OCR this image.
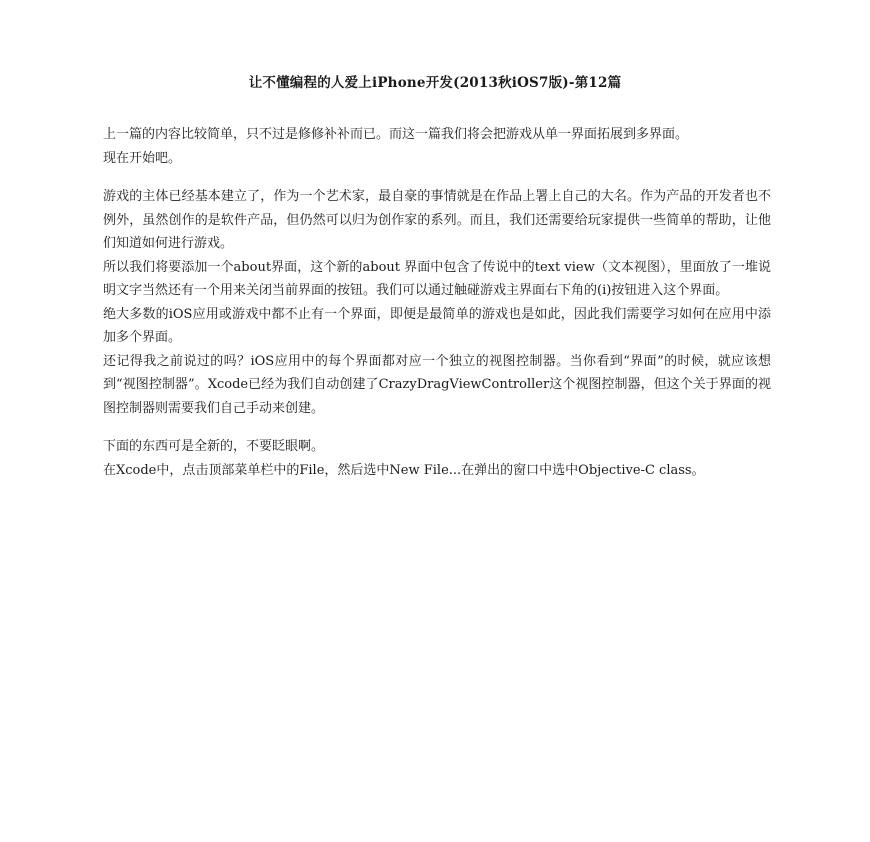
让不懂编程的人爱上iPhone开发(2013秋iOS7版)-第12篇

上一篇的内容比较简单，只不过是修修补补而已。而这一篇我们将会把游戏从单一界面拓展到多界面。

现在开始吧。

游戏的主体已经基本建立了，作为一个艺术家，最自豪的事情就是在作品上署上自己的大名。作为产品的开发者也不例外，虽然创作的是软件产品，但仍然可以归为创作家的系列。而且，我们还需要给玩家提供一些简单的帮助，让他们知道如何进行游戏。

所以我们将要添加一个about界面，这个新的about 界面中包含了传说中的text view（文本视图），里面放了一堆说明文字当然还有一个用来关闭当前界面的按钮。我们可以通过触碰游戏主界面右下角的(i)按钮进入这个界面。

绝大多数的iOS应用或游戏中都不止有一个界面，即便是最简单的游戏也是如此，因此我们需要学习如何在应用中添加多个界面。

还记得我之前说过的吗？iOS应用中的每个界面都对应一个独立的视图控制器。当你看到“界面”的时候，就应该想到“视图控制器”。Xcode已经为我们自动创建了CrazyDragViewController这个视图控制器，但这个关于界面的视图控制器则需要我们自己手动来创建。

下面的东西可是全新的，不要眨眼啊。

在Xcode中，点击顶部菜单栏中的File，然后选中New File...在弹出的窗口中选中Objective-C class。
